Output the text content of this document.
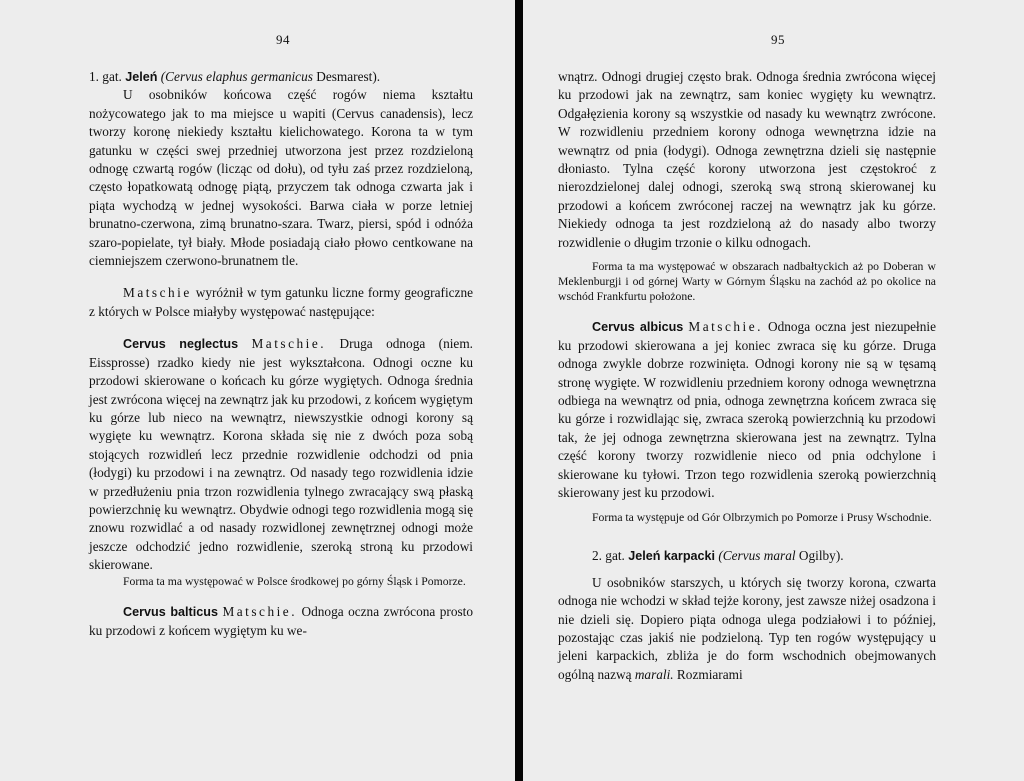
94

1. gat. Jeleń (Cervus elaphus germanicus Desmarest).

U osobników końcowa część rogów niema kształtu nożycowatego jak to ma miejsce u wapiti (Cervus canadensis), lecz tworzy koronę niekiedy kształtu kielichowatego. Korona ta w tym gatunku w części swej przedniej utworzona jest przez rozdzieloną odnogę czwartą rogów (licząc od dołu), od tyłu zaś przez rozdzieloną, często łopatkowatą odnogę piątą, przyczem tak odnoga czwarta jak i piąta wychodzą w jednej wysokości. Barwa ciała w porze letniej brunatno-czerwona, zimą brunatno-szara. Twarz, piersi, spód i odnóża szaro-popielate, tył biały. Młode posiadają ciało płowo centkowane na ciemniejszem czerwono-brunatnem tle.

Matschie wyróżnił w tym gatunku liczne formy geograficzne z których w Polsce miałyby występować następujące:

Cervus neglectus Matschie. Druga odnoga (niem. Eissprosse) rzadko kiedy nie jest wykształcona. Odnogi oczne ku przodowi skierowane o końcach ku górze wygiętych. Odnoga średnia jest zwrócona więcej na zewnątrz jak ku przodowi, z końcem wygiętym ku górze lub nieco na wewnątrz, niewszystkie odnogi korony są wygięte ku wewnątrz. Korona składa się nie z dwóch poza sobą stojących rozwidleń lecz przednie rozwidlenie odchodzi od pnia (łodygi) ku przodowi i na zewnątrz. Od nasady tego rozwidlenia idzie w przedłużeniu pnia trzon rozwidlenia tylnego zwracający swą płaską powierzchnię ku wewnątrz. Obydwie odnogi tego rozwidlenia mogą się znowu rozwidlać a od nasady rozwidlonej zewnętrznej odnogi może jeszcze odchodzić jedno rozwidlenie, szeroką stroną ku przodowi skierowane.

Forma ta ma występować w Polsce środkowej po górny Śląsk i Pomorze.

Cervus balticus Matschie. Odnoga oczna zwrócona prosto ku przodowi z końcem wygiętym ku we-

95

wnątrz. Odnogi drugiej często brak. Odnoga średnia zwrócona więcej ku przodowi jak na zewnątrz, sam koniec wygięty ku wewnątrz. Odgałęzienia korony są wszystkie od nasady ku wewnątrz zwrócone. W rozwidleniu przedniem korony odnoga wewnętrzna idzie na wewnątrz od pnia (łodygi). Odnoga zewnętrzna dzieli się następnie dłoniasto. Tylna część korony utworzona jest częstokroć z nierozdzielonej dalej odnogi, szeroką swą stroną skierowanej ku przodowi a końcem zwróconej raczej na wewnątrz jak ku górze. Niekiedy odnoga ta jest rozdzieloną aż do nasady albo tworzy rozwidlenie o długim trzonie o kilku odnogach.

Forma ta ma występować w obszarach nadbałtyckich aż po Doberan w Meklenburgji i od górnej Warty w Górnym Śląsku na zachód aż po okolice na wschód Frankfurtu położone.

Cervus albicus Matschie. Odnoga oczna jest niezupełnie ku przodowi skierowana a jej koniec zwraca się ku górze. Druga odnoga zwykle dobrze rozwinięta. Odnogi korony nie są w tęsamą stronę wygięte. W rozwidleniu przedniem korony odnoga wewnętrzna odbiega na wewnątrz od pnia, odnoga zewnętrzna końcem zwraca się ku górze i rozwidlając się, zwraca szeroką powierzchnią ku przodowi tak, że jej odnoga zewnętrzna skierowana jest na zewnątrz. Tylna część korony tworzy rozwidlenie nieco od pnia odchylone i skierowane ku tyłowi. Trzon tego rozwidlenia szeroką powierzchnią skierowany jest ku przodowi.

Forma ta występuje od Gór Olbrzymich po Pomorze i Prusy Wschodnie.

2. gat. Jeleń karpacki (Cervus maral Ogilby).

U osobników starszych, u których się tworzy korona, czwarta odnoga nie wchodzi w skład tejże korony, jest zawsze niżej osadzona i nie dzieli się. Dopiero piąta odnoga ulega podziałowi i to później, pozostając czas jakiś nie podzieloną. Typ ten rogów występujący u jeleni karpackich, zbliża je do form wschodnich obejmowanych ogólną nazwą marali. Rozmiarami
